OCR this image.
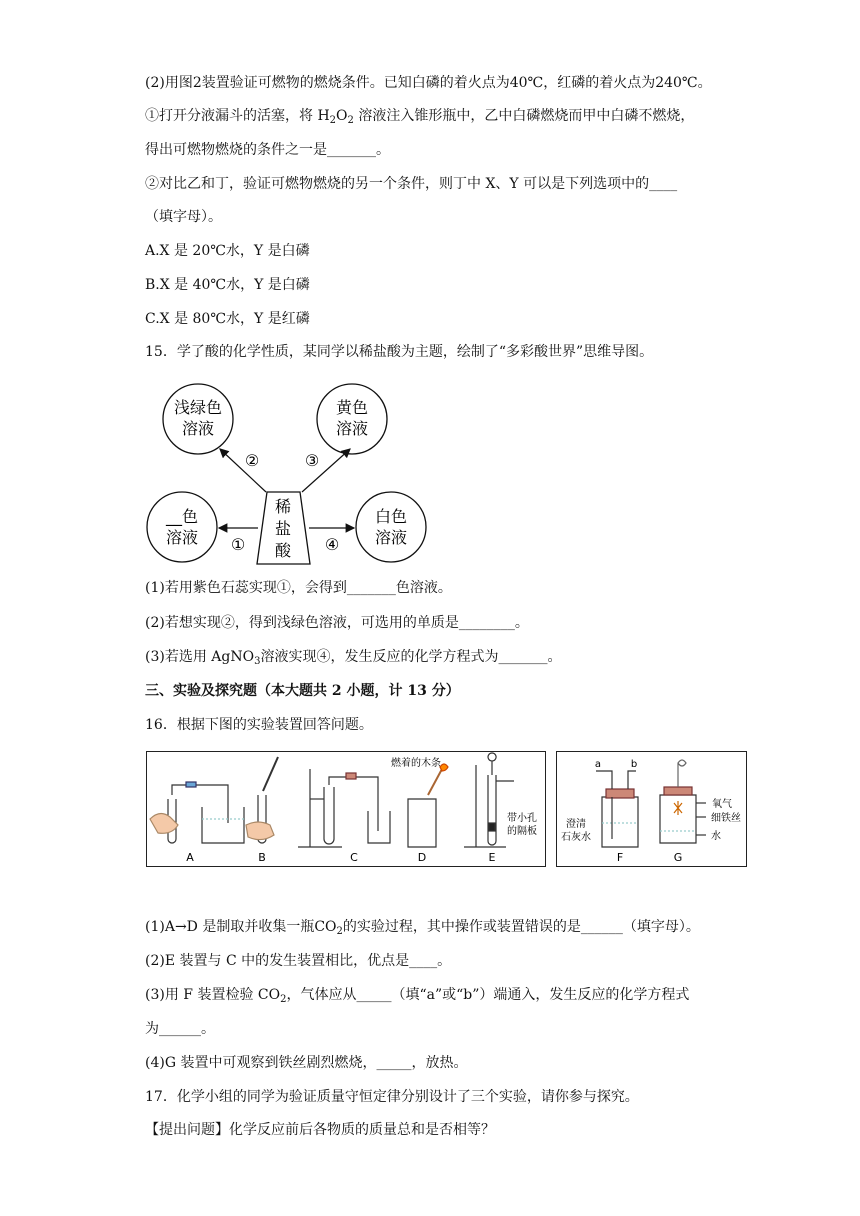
(2)用图2装置验证可燃物的燃烧条件。已知白磷的着火点为40℃，红磷的着火点为240℃。
①打开分液漏斗的活塞，将 $H_2O_2$ 溶液注入锥形瓶中，乙中白磷燃烧而甲中白磷不燃烧，
得出可燃物燃烧的条件之一是_______。
②对比乙和丁，验证可燃物燃烧的另一个条件，则丁中 X、Y 可以是下列选项中的____
（填字母）。
A.X 是 20℃水，Y 是白磷
B.X 是 40℃水，Y 是白磷
C.X 是 80℃水，Y 是红磷
15．学了酸的化学性质，某同学以稀盐酸为主题，绘制了“多彩酸世界”思维导图。
浅绿色
溶液
黄色
溶液
__色
溶液
白色
溶液
稀
盐
酸
②	③
①	④
(1)若用紫色石蕊实现①，会得到_______色溶液。
(2)若想实现②，得到浅绿色溶液，可选用的单质是________。
(3)若选用 AgNO$_3$溶液实现④，发生反应的化学方程式为_______。
三、实验及探究题（本大题共 2 小题，计 13 分）
16．根据下图的实验装置回答问题。
A	B	C
燃着的木条
D
带小孔
的隔板
E
a	b
澄清
石灰水
F
氧气
细铁丝
水
G
(1)A→D 是制取并收集一瓶$CO_2$的实验过程，其中操作或装置错误的是______（填字母）。
(2)E 装置与 C 中的发生装置相比，优点是____。
(3)用 F 装置检验 $CO_2$，气体应从_____（填“a”或“b”）端通入，发生反应的化学方程式
为______。
(4)G 装置中可观察到铁丝剧烈燃烧，_____，放热。
17．化学小组的同学为验证质量守恒定律分别设计了三个实验，请你参与探究。
【提出问题】化学反应前后各物质的质量总和是否相等？
